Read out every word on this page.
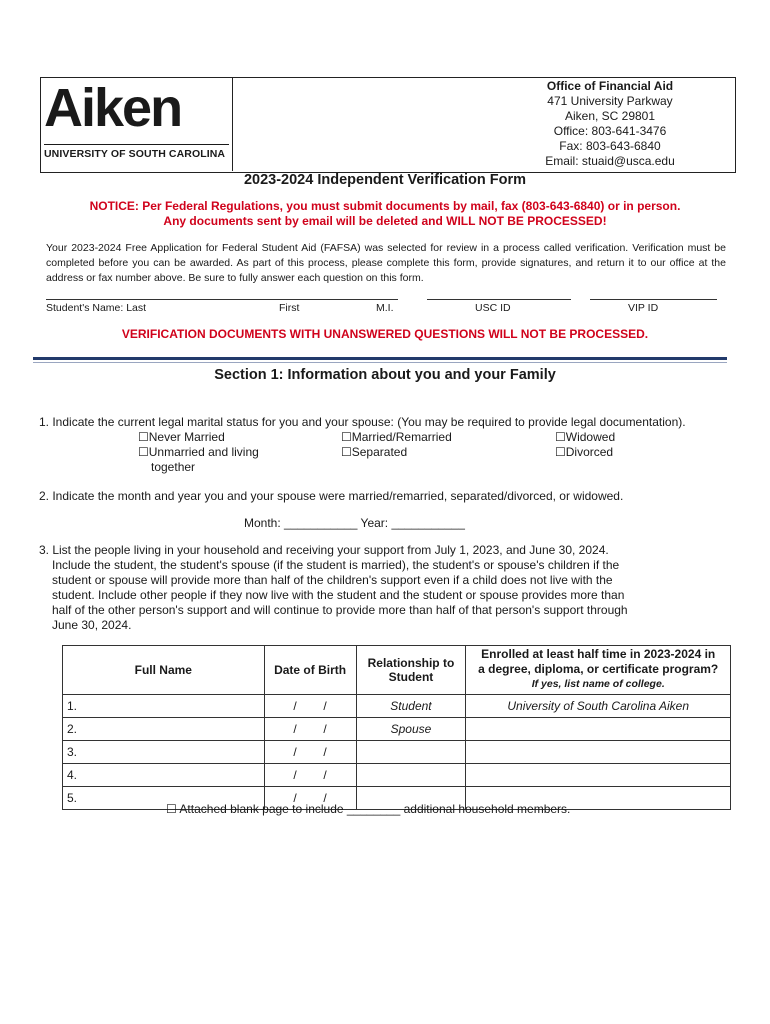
Aiken
UNIVERSITY OF SOUTH CAROLINA
Office of Financial Aid
471 University Parkway
Aiken, SC 29801
Office: 803-641-3476
Fax: 803-643-6840
Email: stuaid@usca.edu
2023-2024 Independent Verification Form
NOTICE: Per Federal Regulations, you must submit documents by mail, fax (803-643-6840) or in person.
Any documents sent by email will be deleted and WILL NOT BE PROCESSED!
Your 2023-2024 Free Application for Federal Student Aid (FAFSA) was selected for review in a process called verification. Verification must be completed before you can be awarded. As part of this process, please complete this form, provide signatures, and return it to our office at the address or fax number above. Be sure to fully answer each question on this form.
Student's Name: Last	First	M.I.	USC ID	VIP ID
VERIFICATION DOCUMENTS WITH UNANSWERED QUESTIONS WILL NOT BE PROCESSED.
Section 1: Information about you and your Family
1. Indicate the current legal marital status for you and your spouse: (You may be required to provide legal documentation).
☐Never Married	☐Married/Remarried	☐Widowed
☐Unmarried and living
together
☐Separated	☐Divorced
2. Indicate the month and year you and your spouse were married/remarried, separated/divorced, or widowed.
Month: ___________ Year: ___________
3. List the people living in your household and receiving your support from July 1, 2023, and June 30, 2024.
Include the student, the student's spouse (if the student is married), the student's or spouse's children if the
student or spouse will provide more than half of the children's support even if a child does not live with the
student. Include other people if they now live with the student and the student or spouse provides more than
half of the other person's support and will continue to provide more than half of that person's support through
June 30, 2024.
Full Name	Date of Birth	Relationship to Student	Enrolled at least half time in 2023-2024 in
a degree, diploma, or certificate program?
If yes, list name of college.

1.	/        /	Student	University of South Carolina Aiken
2.	/        /	Spouse	
3.	/        /		
4.	/        /		
5.	/        /		
☐ Attached blank page to include ________ additional household members.
